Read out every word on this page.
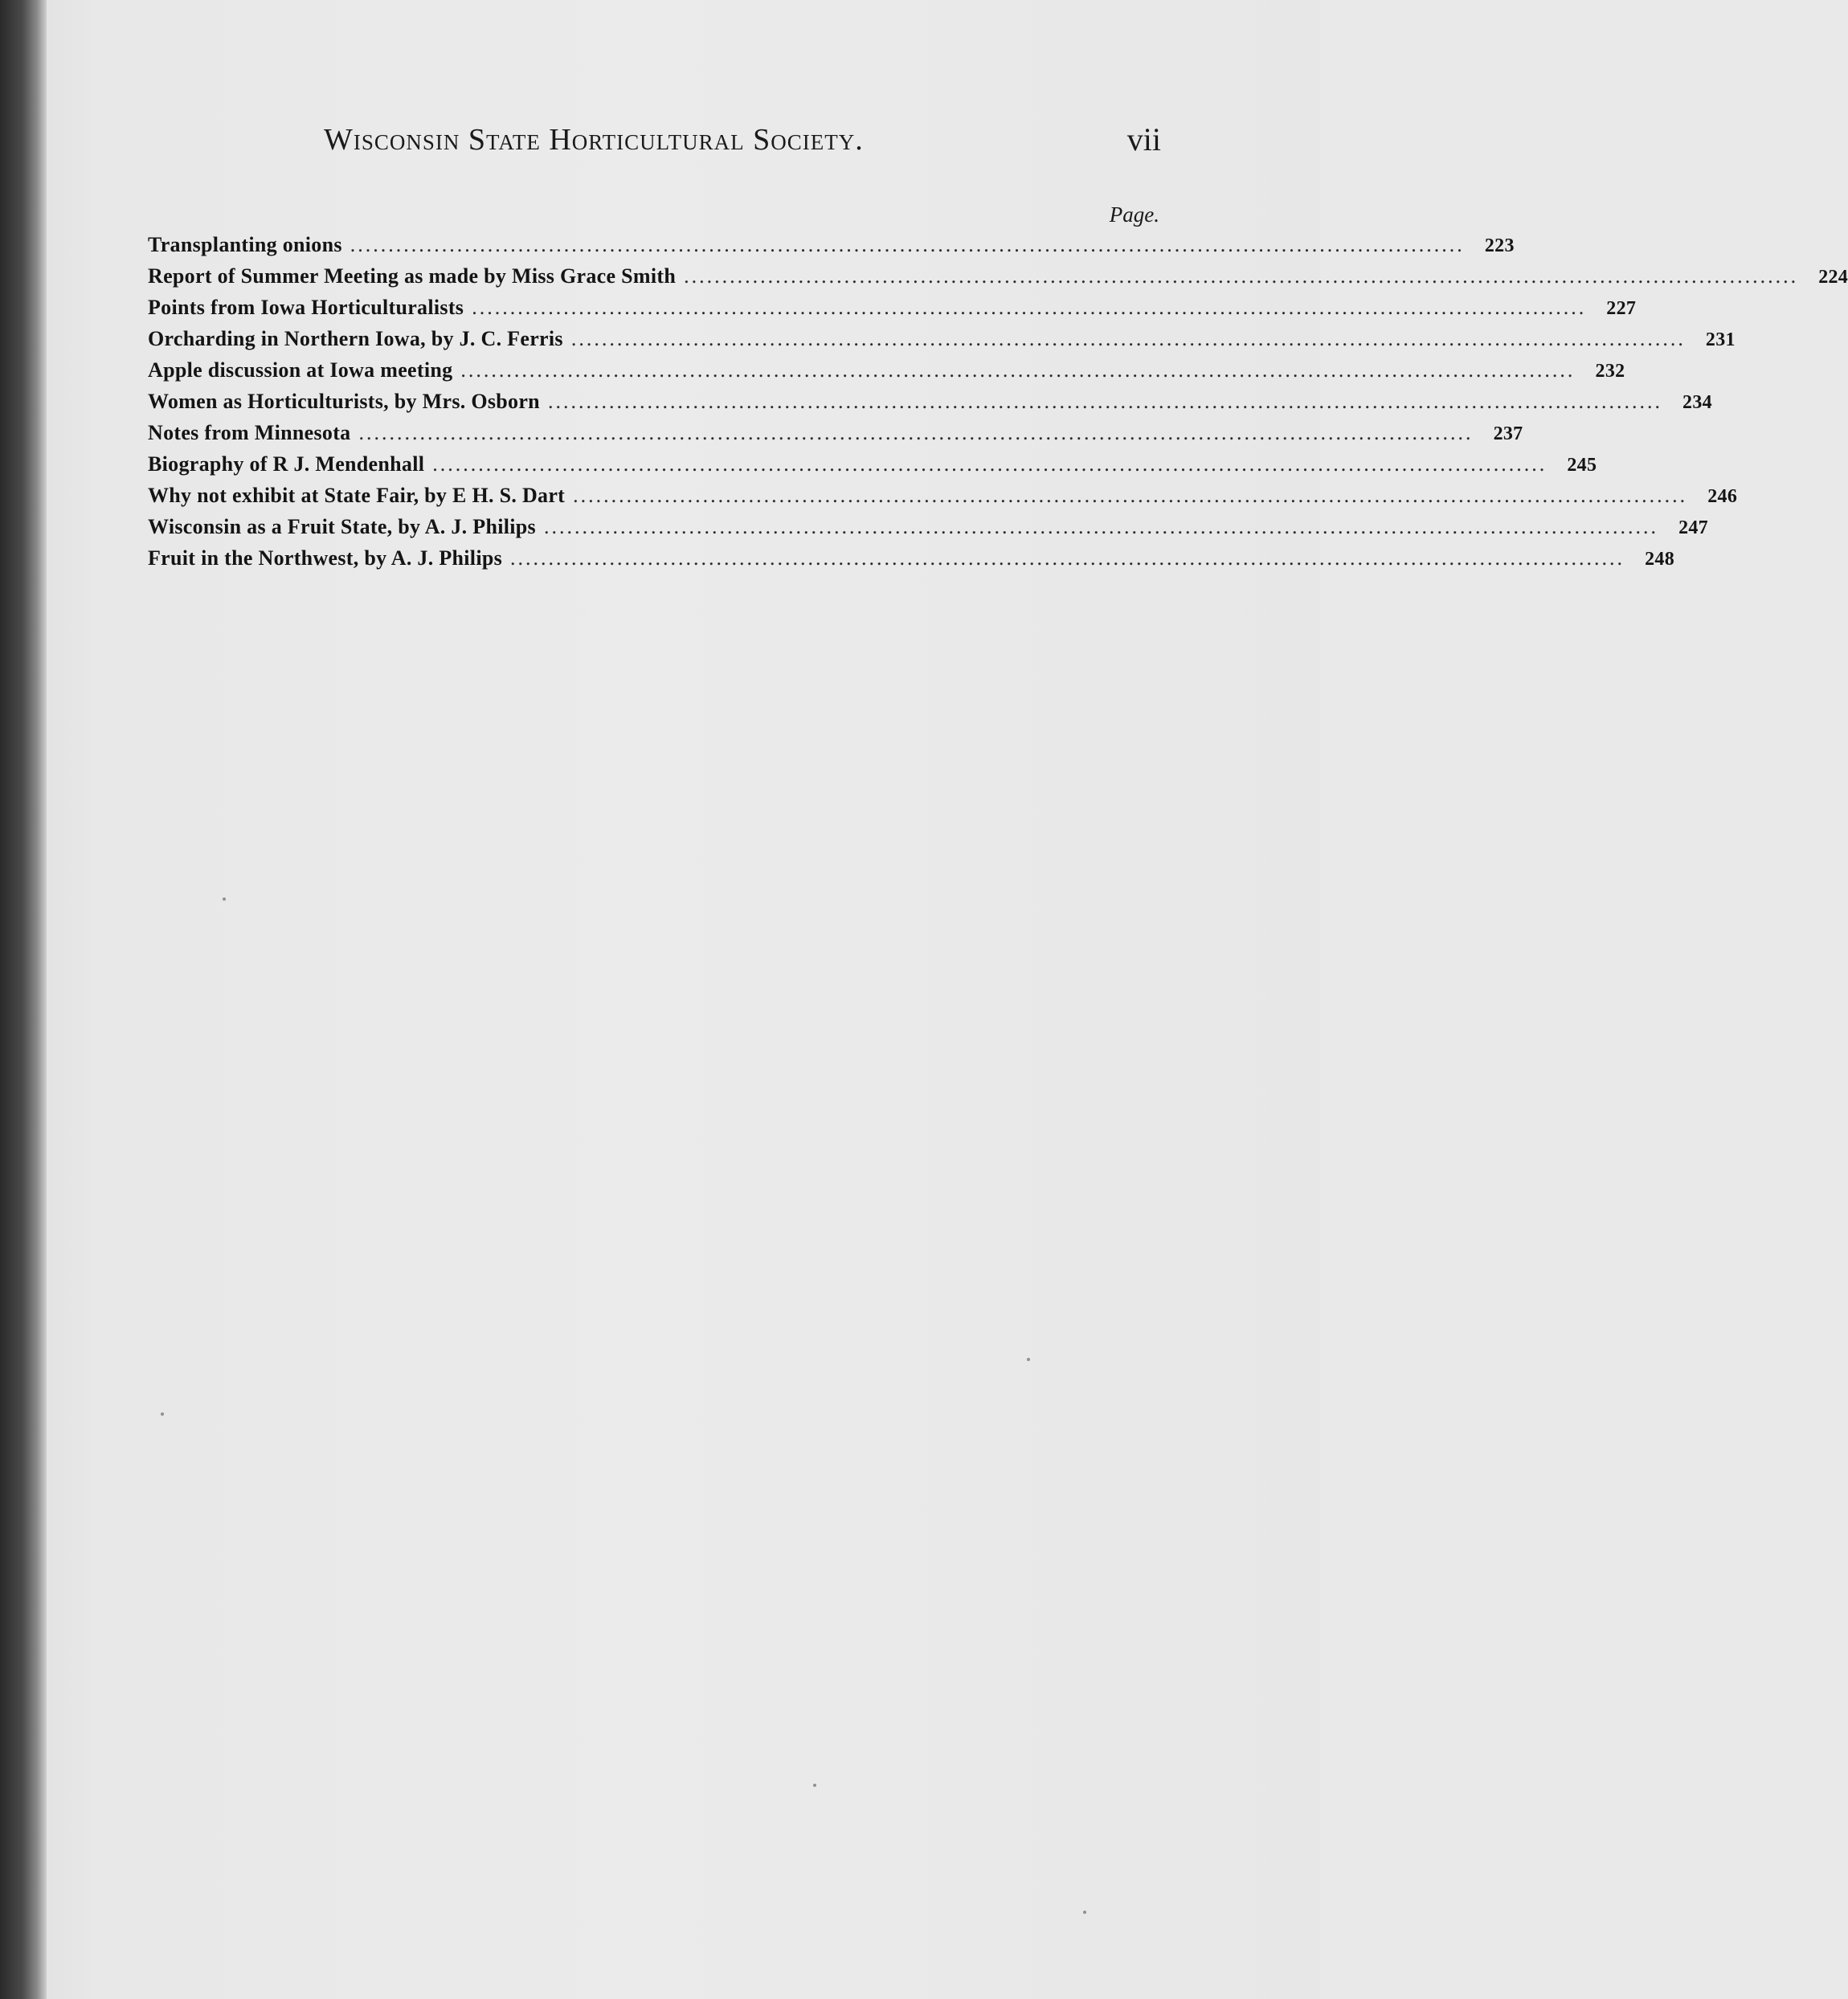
Wisconsin State Horticultural Society.	vii
Page.
Transplanting onions ..................................................................................................................................................	223
Report of Summer Meeting as made by Miss Grace Smith ..................................................................................................................................................	224
Points from Iowa Horticulturalists ..................................................................................................................................................	227
Orcharding in Northern Iowa, by J. C. Ferris ..................................................................................................................................................	231
Apple discussion at Iowa meeting ..................................................................................................................................................	232
Women as Horticulturists, by Mrs. Osborn ..................................................................................................................................................	234
Notes from Minnesota ..................................................................................................................................................	237
Biography of R J. Mendenhall ..................................................................................................................................................	245
Why not exhibit at State Fair, by E H. S. Dart ..................................................................................................................................................	246
Wisconsin as a Fruit State, by A. J. Philips ..................................................................................................................................................	247
Fruit in the Northwest, by A. J. Philips ..................................................................................................................................................	248
